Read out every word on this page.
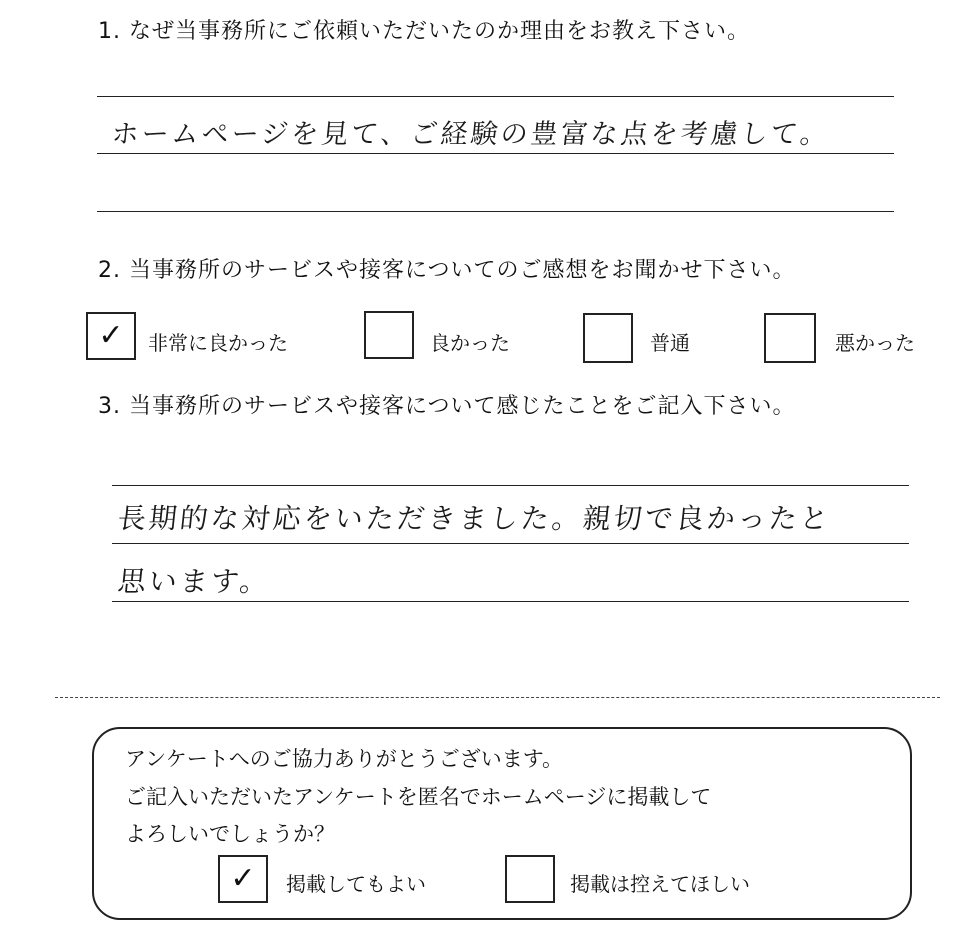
1. なぜ当事務所にご依頼いただいたのか理由をお教え下さい。
ホームページを見て、ご経験の豊富な点を考慮して。
2. 当事務所のサービスや接客についてのご感想をお聞かせ下さい。
✓ 非常に良かった	良かった	普通	悪かった
3. 当事務所のサービスや接客について感じたことをご記入下さい。
長期的な対応をいただきました。親切で良かったと
思います。
アンケートへのご協力ありがとうございます。
ご記入いただいたアンケートを匿名でホームページに掲載して
よろしいでしょうか？
✓ 掲載してもよい	掲載は控えてほしい
